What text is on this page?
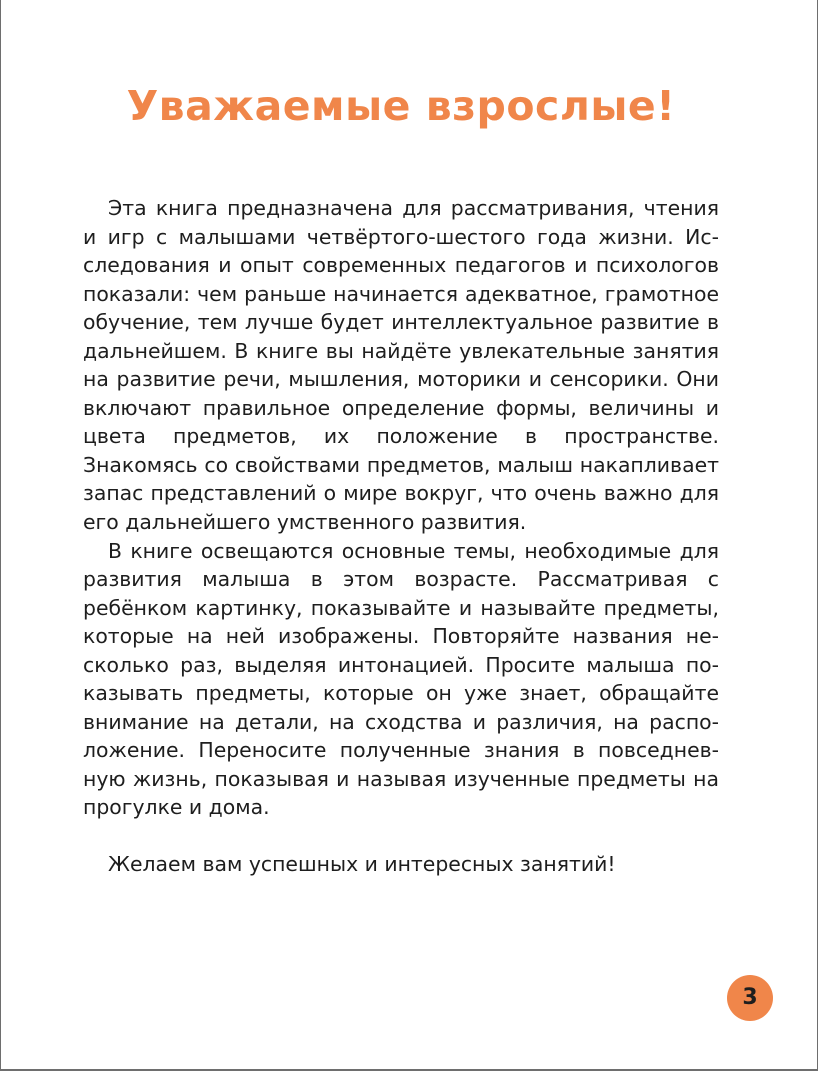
Уважаемые взрослые!

Эта книга предназначена для рассматривания, чтения и игр с малышами четвёртого-шестого года жизни. Исследования и опыт современных педагогов и психологов показали: чем раньше начинается адекватное, грамотное обучение, тем лучше будет интеллектуальное развитие в дальнейшем. В книге вы найдёте увлекательные занятия на развитие речи, мышления, моторики и сенсорики. Они включают правильное определение формы, величины и цвета предметов, их положение в пространстве. Знакомясь со свойствами предметов, малыш накапливает запас представлений о мире вокруг, что очень важно для его дальнейшего умственного развития.

В книге освещаются основные темы, необходимые для развития малыша в этом возрасте. Рассматривая с ребёнком картинку, показывайте и называйте предметы, которые на ней изображены. Повторяйте названия несколько раз, выделяя интонацией. Просите малыша показывать предметы, которые он уже знает, обращайте внимание на детали, на сходства и различия, на расположение. Переносите полученные знания в повседневную жизнь, показывая и называя изученные предметы на прогулке и дома.

Желаем вам успешных и интересных занятий!

3
